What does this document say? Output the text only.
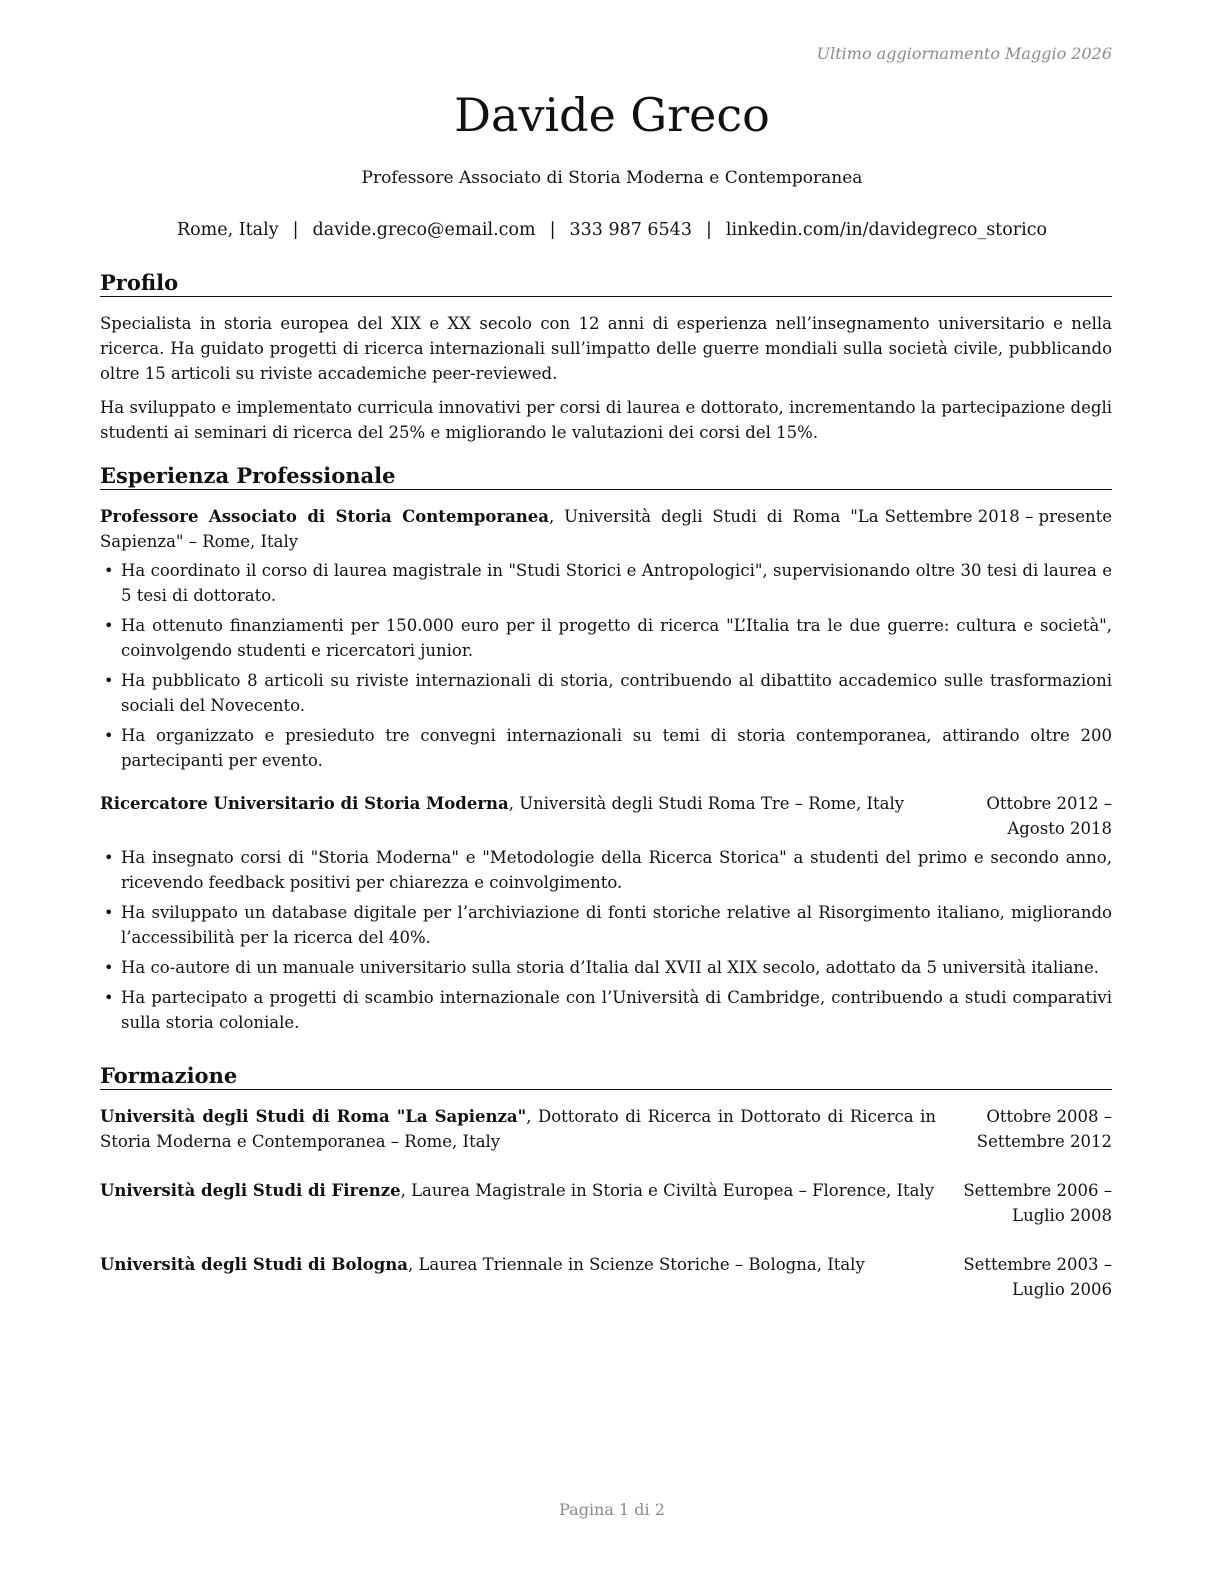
Ultimo aggiornamento Maggio 2026
Davide Greco
Professore Associato di Storia Moderna e Contemporanea
Rome, Italy | davide.greco@email.com | 333 987 6543 | linkedin.com/in/davidegreco_storico
Profilo

Specialista in storia europea del XIX e XX secolo con 12 anni di esperienza nell’insegnamento universitario e nella ricerca. Ha guidato progetti di ricerca internazionali sull’impatto delle guerre mondiali sulla società civile, pubblicando oltre 15 articoli su riviste accademiche peer-reviewed.

Ha sviluppato e implementato curricula innovativi per corsi di laurea e dottorato, incrementando la partecipazione degli studenti ai seminari di ricerca del 25% e migliorando le valutazioni dei corsi del 15%.

Esperienza Professionale
Professore Associato di Storia Contemporanea, Università degli Studi di Roma "La Sapienza" – Rome, Italy
Settembre 2018 – presente
• Ha coordinato il corso di laurea magistrale in "Studi Storici e Antropologici", supervisionando oltre 30 tesi di laurea e 5 tesi di dottorato.
• Ha ottenuto finanziamenti per 150.000 euro per il progetto di ricerca "L’Italia tra le due guerre: cultura e società", coinvolgendo studenti e ricercatori junior.
• Ha pubblicato 8 articoli su riviste internazionali di storia, contribuendo al dibattito accademico sulle trasformazioni sociali del Novecento.
• Ha organizzato e presieduto tre convegni internazionali su temi di storia contemporanea, attirando oltre 200 partecipanti per evento.
Ricercatore Universitario di Storia Moderna, Università degli Studi Roma Tre – Rome, Italy	Ottobre 2012 – Agosto 2018
• Ha insegnato corsi di "Storia Moderna" e "Metodologie della Ricerca Storica" a studenti del primo e secondo anno, ricevendo feedback positivi per chiarezza e coinvolgimento.
• Ha sviluppato un database digitale per l’archiviazione di fonti storiche relative al Risorgimento italiano, migliorando l’accessibilità per la ricerca del 40%.
• Ha co-autore di un manuale universitario sulla storia d’Italia dal XVII al XIX secolo, adottato da 5 università italiane.
• Ha partecipato a progetti di scambio internazionale con l’Università di Cambridge, contribuendo a studi comparativi sulla storia coloniale.
Formazione
Università degli Studi di Roma "La Sapienza", Dottorato di Ricerca in Dottorato di Ricerca in Storia Moderna e Contemporanea – Rome, Italy
Ottobre 2008 – Settembre 2012
Università degli Studi di Firenze, Laurea Magistrale in Storia e Civiltà Europea – Florence, Italy	Settembre 2006 – Luglio 2008
Università degli Studi di Bologna, Laurea Triennale in Scienze Storiche – Bologna, Italy	Settembre 2003 – Luglio 2006
Pagina 1 di 2
